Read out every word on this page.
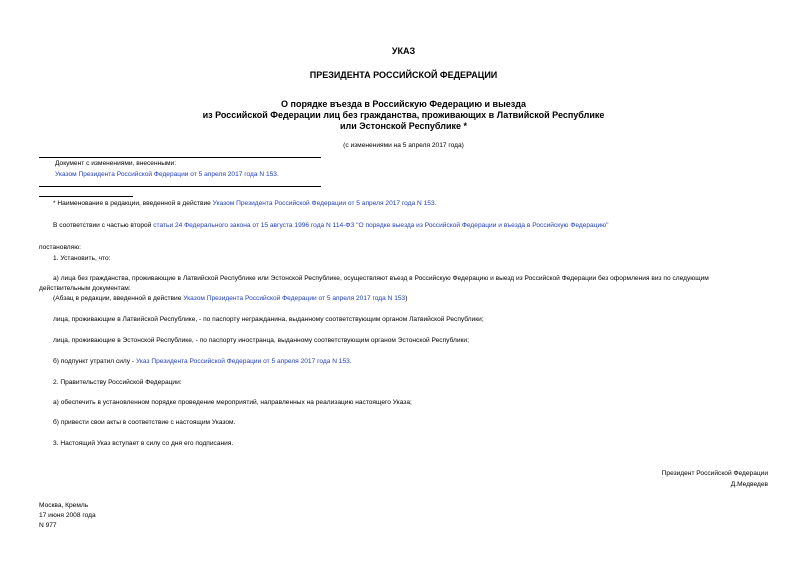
УКАЗ
ПРЕЗИДЕНТА РОССИЙСКОЙ ФЕДЕРАЦИИ
О порядке въезда в Российскую Федерацию и выезда
из Российской Федерации лиц без гражданства, проживающих в Латвийской Республике
или Эстонской Республике *
(с изменениями на 5 апреля 2017 года)
Документ с изменениями, внесенными:
Указом Президента Российской Федерации от 5 апреля 2017 года N 153.
* Наименование в редакции, введенной в действие Указом Президента Российской Федерации от 5 апреля 2017 года N 153.
В соответствии с частью второй статьи 24 Федерального закона от 15 августа 1996 года N 114-ФЗ "О порядке выезда из Российской Федерации и въезда в Российскую Федерацию"
постановляю:
1. Установить, что:
а) лица без гражданства, проживающие в Латвийской Республике или Эстонской Республике, осуществляют въезд в Российскую Федерацию и выезд из Российской Федерации без оформления виз по следующим
действительным документам:
(Абзац в редакции, введенной в действие Указом Президента Российской Федерации от 5 апреля 2017 года N 153)
лица, проживающие в Латвийской Республике, - по паспорту негражданина, выданному соответствующим органом Латвийской Республики;
лица, проживающие в Эстонской Республике, - по паспорту иностранца, выданному соответствующим органом Эстонской Республики;
б) подпункт утратил силу - Указ Президента Российской Федерации от 5 апреля 2017 года N 153.
2. Правительству Российской Федерации:
а) обеспечить в установленном порядке проведение мероприятий, направленных на реализацию настоящего Указа;
б) привести свои акты в соответствие с настоящим Указом.
3. Настоящий Указ вступает в силу со дня его подписания.
Президент Российской Федерации
Д.Медведев
Москва, Кремль
17 июня 2008 года
N 977
